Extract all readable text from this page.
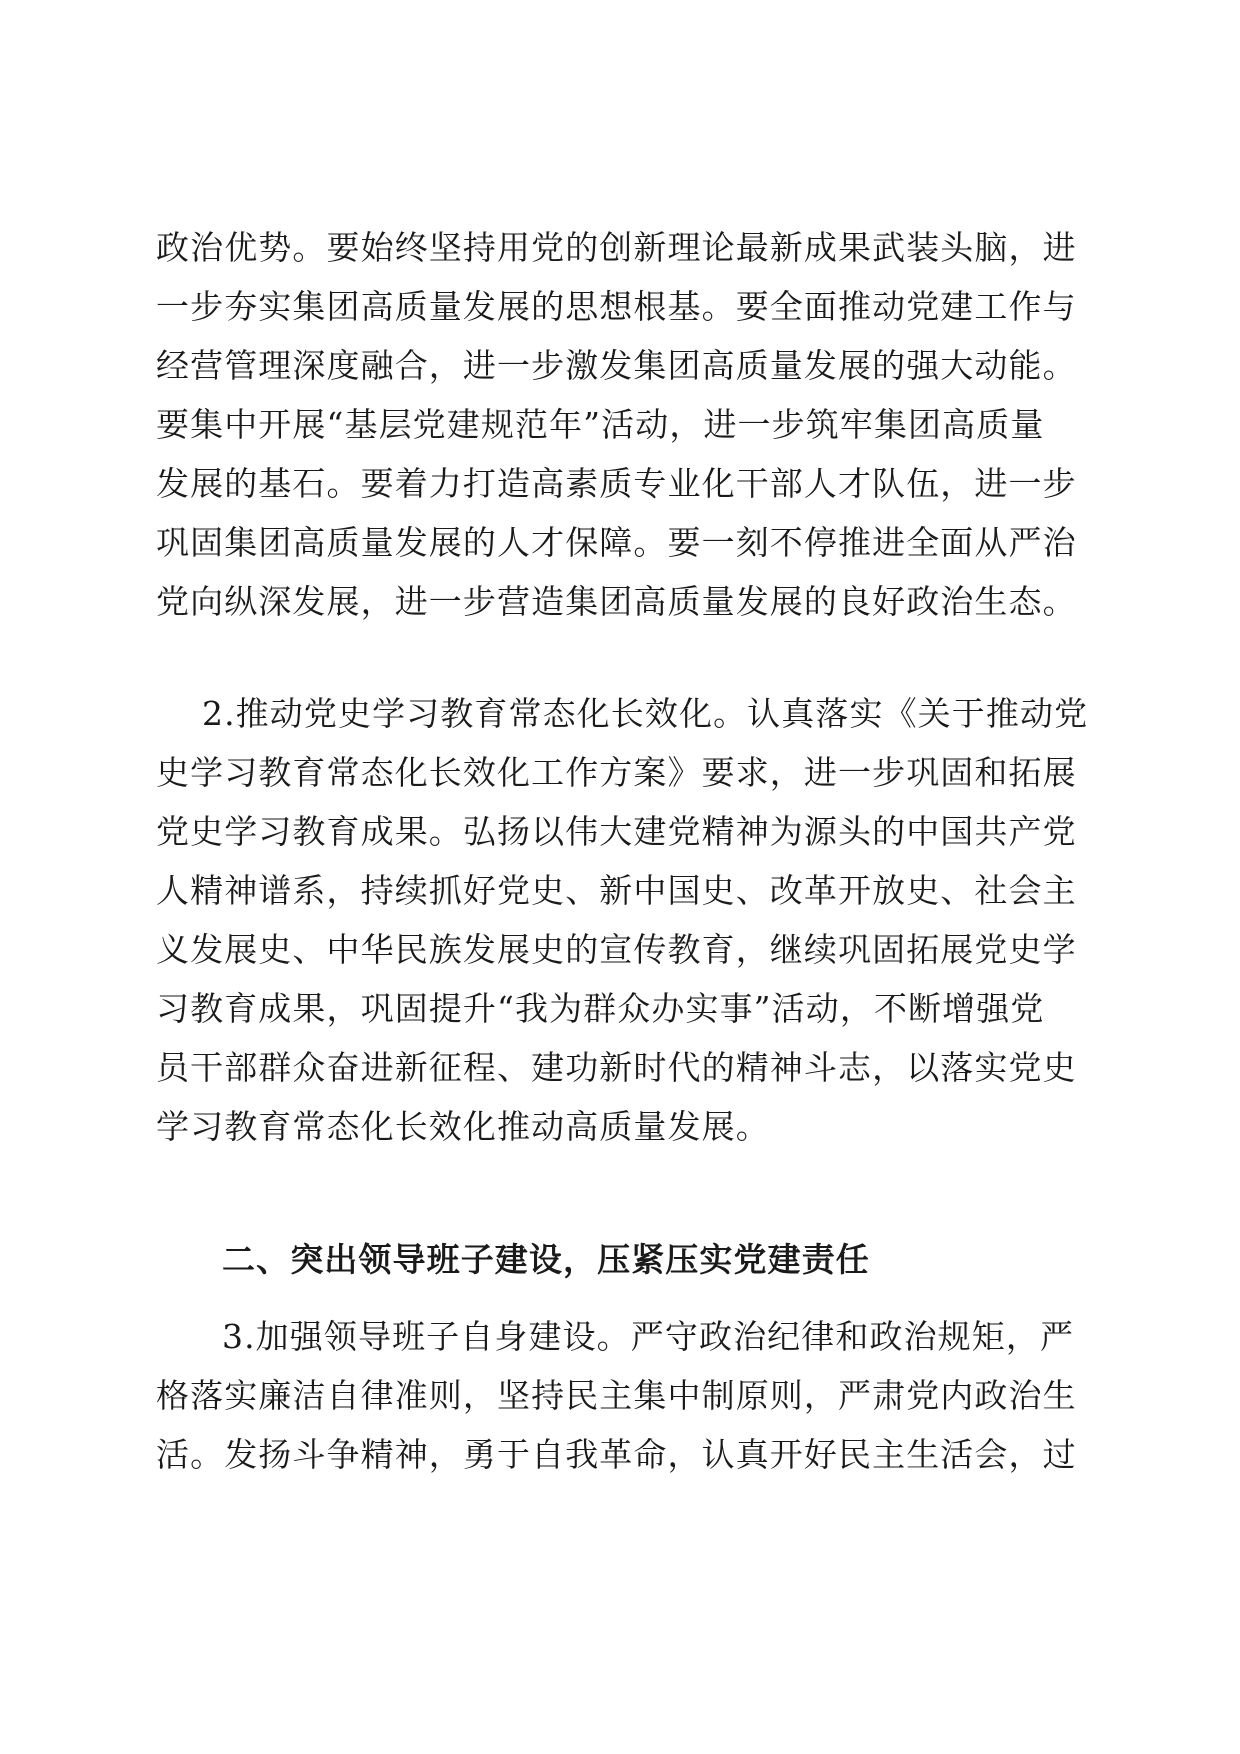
政治优势。要始终坚持用党的创新理论最新成果武装头脑，进
一步夯实集团高质量发展的思想根基。要全面推动党建工作与
经营管理深度融合，进一步激发集团高质量发展的强大动能。
要集中开展“基层党建规范年”活动，进一步筑牢集团高质量
发展的基石。要着力打造高素质专业化干部人才队伍，进一步
巩固集团高质量发展的人才保障。要一刻不停推进全面从严治
党向纵深发展，进一步营造集团高质量发展的良好政治生态。
2.推动党史学习教育常态化长效化。认真落实《关于推动党
史学习教育常态化长效化工作方案》要求，进一步巩固和拓展
党史学习教育成果。弘扬以伟大建党精神为源头的中国共产党
人精神谱系，持续抓好党史、新中国史、改革开放史、社会主
义发展史、中华民族发展史的宣传教育，继续巩固拓展党史学
习教育成果，巩固提升“我为群众办实事”活动，不断增强党
员干部群众奋进新征程、建功新时代的精神斗志，以落实党史
学习教育常态化长效化推动高质量发展。
二、突出领导班子建设，压紧压实党建责任
3.加强领导班子自身建设。严守政治纪律和政治规矩，严
格落实廉洁自律准则，坚持民主集中制原则，严肃党内政治生
活。发扬斗争精神，勇于自我革命，认真开好民主生活会，过
